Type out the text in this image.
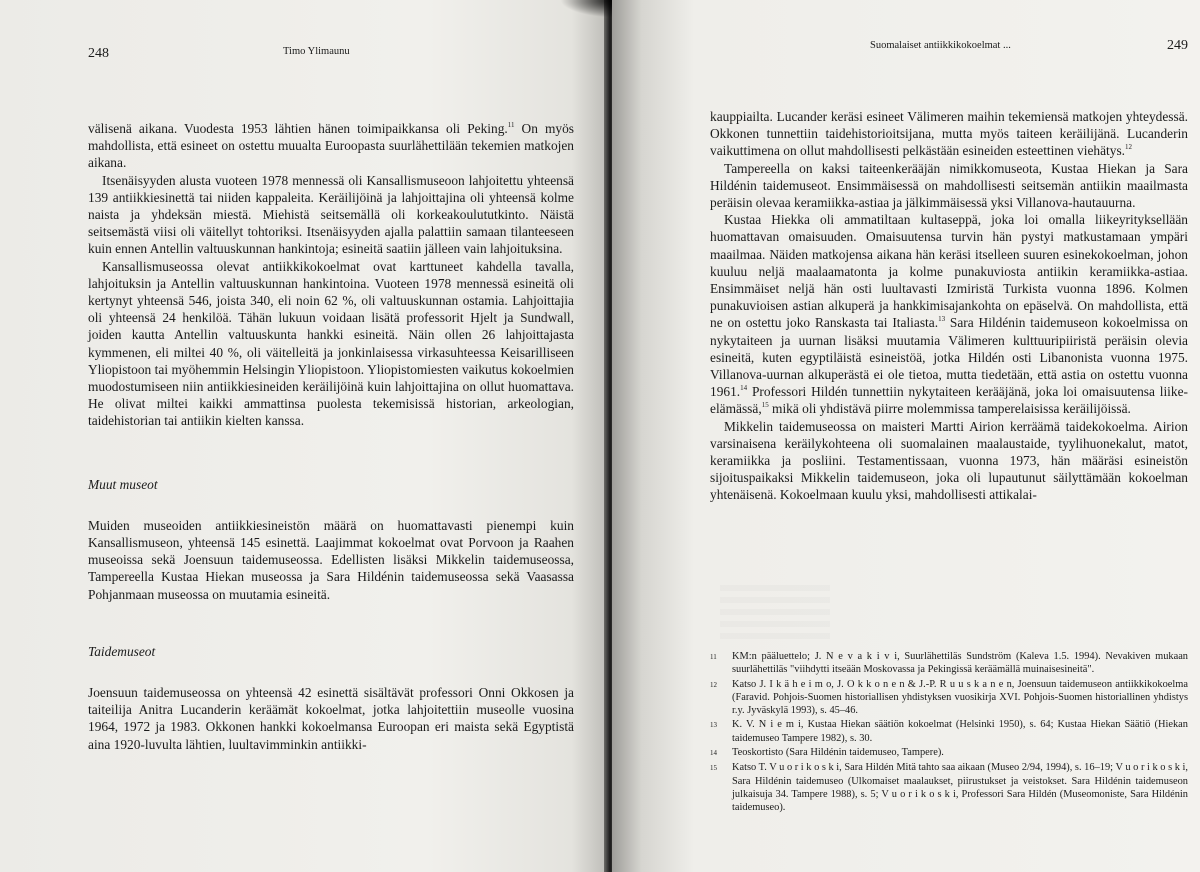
248	Timo Ylimaunu

välisenä aikana. Vuodesta 1953 lähtien hänen toimipaikkansa oli Peking.$^{11}$ On myös mahdollista, että esineet on ostettu muualta Euroopasta suurlähettilään tekemien matkojen aikana.

Itsenäisyyden alusta vuoteen 1978 mennessä oli Kansallismuseoon lahjoitettu yhteensä 139 antiikkiesinettä tai niiden kappaleita. Keräilijöinä ja lahjoittajina oli yhteensä kolme naista ja yhdeksän miestä. Miehistä seitsemällä oli korkeakoulututkinto. Näistä seitsemästä viisi oli väitellyt tohtoriksi. Itsenäisyyden ajalla palattiin samaan tilanteeseen kuin ennen Antellin valtuuskunnan hankintoja; esineitä saatiin jälleen vain lahjoituksina.

Kansallismuseossa olevat antiikkikokoelmat ovat karttuneet kahdella tavalla, lahjoituksin ja Antellin valtuuskunnan hankintoina. Vuoteen 1978 mennessä esineitä oli kertynyt yhteensä 546, joista 340, eli noin 62 %, oli valtuuskunnan ostamia. Lahjoittajia oli yhteensä 24 henkilöä. Tähän lukuun voidaan lisätä professorit Hjelt ja Sundwall, joiden kautta Antellin valtuuskunta hankki esineitä. Näin ollen 26 lahjoittajasta kymmenen, eli miltei 40 %, oli väitelleitä ja jonkinlaisessa virkasuhteessa Keisarilliseen Yliopistoon tai myöhemmin Helsingin Yliopistoon. Yliopistomiesten vaikutus kokoelmien muodostumiseen niin antiikkiesineiden keräilijöinä kuin lahjoittajina on ollut huomattava. He olivat miltei kaikki ammattinsa puolesta tekemisissä historian, arkeologian, taidehistorian tai antiikin kielten kanssa.

Muut museot

Muiden museoiden antiikkiesineistön määrä on huomattavasti pienempi kuin Kansallismuseon, yhteensä 145 esinettä. Laajimmat kokoelmat ovat Porvoon ja Raahen museoissa sekä Joensuun taidemuseossa. Edellisten lisäksi Mikkelin taidemuseossa, Tampereella Kustaa Hiekan museossa ja Sara Hildénin taidemuseossa sekä Vaasassa Pohjanmaan museossa on muutamia esineitä.

Taidemuseot

Joensuun taidemuseossa on yhteensä 42 esinettä sisältävät professori Onni Okkosen ja taiteilija Anitra Lucanderin keräämät kokoelmat, jotka lahjoitettiin museolle vuosina 1964, 1972 ja 1983. Okkonen hankki kokoelmansa Euroopan eri maista sekä Egyptistä aina 1920-luvulta lähtien, luultavimminkin antiikki-

Suomalaiset antiikkikokoelmat ...	249

kauppiailta. Lucander keräsi esineet Välimeren maihin tekemiensä matkojen yhteydessä. Okkonen tunnettiin taidehistorioitsijana, mutta myös taiteen keräilijänä. Lucanderin vaikuttimena on ollut mahdollisesti pelkästään esineiden esteettinen viehätys.$^{12}$

Tampereella on kaksi taiteenkerääjän nimikkomuseota, Kustaa Hiekan ja Sara Hildénin taidemuseot. Ensimmäisessä on mahdollisesti seitsemän antiikin maailmasta peräisin olevaa keramiikka-astiaa ja jälkimmäisessä yksi Villanova-hautauurna.

Kustaa Hiekka oli ammatiltaan kultaseppä, joka loi omalla liikeyrityksellään huomattavan omaisuuden. Omaisuutensa turvin hän pystyi matkustamaan ympäri maailmaa. Näiden matkojensa aikana hän keräsi itselleen suuren esinekokoelman, johon kuuluu neljä maalaamatonta ja kolme punakuviosta antiikin keramiikka-astiaa. Ensimmäiset neljä hän osti luultavasti Izmiristä Turkista vuonna 1896. Kolmen punakuvioisen astian alkuperä ja hankkimisajankohta on epäselvä. On mahdollista, että ne on ostettu joko Ranskasta tai Italiasta.$^{13}$ Sara Hildénin taidemuseon kokoelmissa on nykytaiteen ja uurnan lisäksi muutamia Välimeren kulttuuripiiristä peräisin olevia esineitä, kuten egyptiläistä esineistöä, jotka Hildén osti Libanonista vuonna 1975. Villanova-uurnan alkuperästä ei ole tietoa, mutta tiedetään, että astia on ostettu vuonna 1961.14 Professori Hildén tunnettiin nykytaiteen kerääjänä, joka loi omaisuutensa liike-elämässä,$^{15}$ mikä oli yhdistävä piirre molemmissa tamperelaisissa keräilijöissä.

Mikkelin taidemuseossa on maisteri Martti Airion kerräämä taidekokoelma. Airion varsinaisena keräilykohteena oli suomalainen maalaustaide, tyylihuonekalut, matot, keramiikka ja posliini. Testamentissaan, vuonna 1973, hän määräsi esineistön sijoituspaikaksi Mikkelin taidemuseon, joka oli lupautunut säilyttämään kokoelman yhtenäisenä. Kokoelmaan kuulu yksi, mahdollisesti attikalai-

11	KM:n pääluettelo; J. N e v a k i v i, Suurlähettiläs Sundström (Kaleva 1.5. 1994). Nevakiven mukaan suurlähettiläs "viihdytti itseään Moskovassa ja Pekingissä keräämällä muinaisesineitä".
12	Katso J. I k ä h e i m o, J. O k k o n e n & J.-P. R u u s k a n e n, Joensuun taidemuseon antiikkikokoelma (Faravid. Pohjois-Suomen historiallisen yhdistyksen vuosikirja XVI. Pohjois-Suomen historiallinen yhdistys r.y. Jyväskylä 1993), s. 45–46.
13	K. V. N i e m i, Kustaa Hiekan säätiön kokoelmat (Helsinki 1950), s. 64; Kustaa Hiekan Säätiö (Hiekan taidemuseo Tampere 1982), s. 30.
14	Teoskortisto (Sara Hildénin taidemuseo, Tampere).
15	Katso T. V u o r i k o s k i, Sara Hildén Mitä tahto saa aikaan (Museo 2/94, 1994), s. 16–19; V u o r i k o s k i, Sara Hildénin taidemuseo (Ulkomaiset maalaukset, piirustukset ja veistokset. Sara Hildénin taidemuseon julkaisuja 34. Tampere 1988), s. 5; V u o r i k o s k i, Professori Sara Hildén (Museomoniste, Sara Hildénin taidemuseo).
